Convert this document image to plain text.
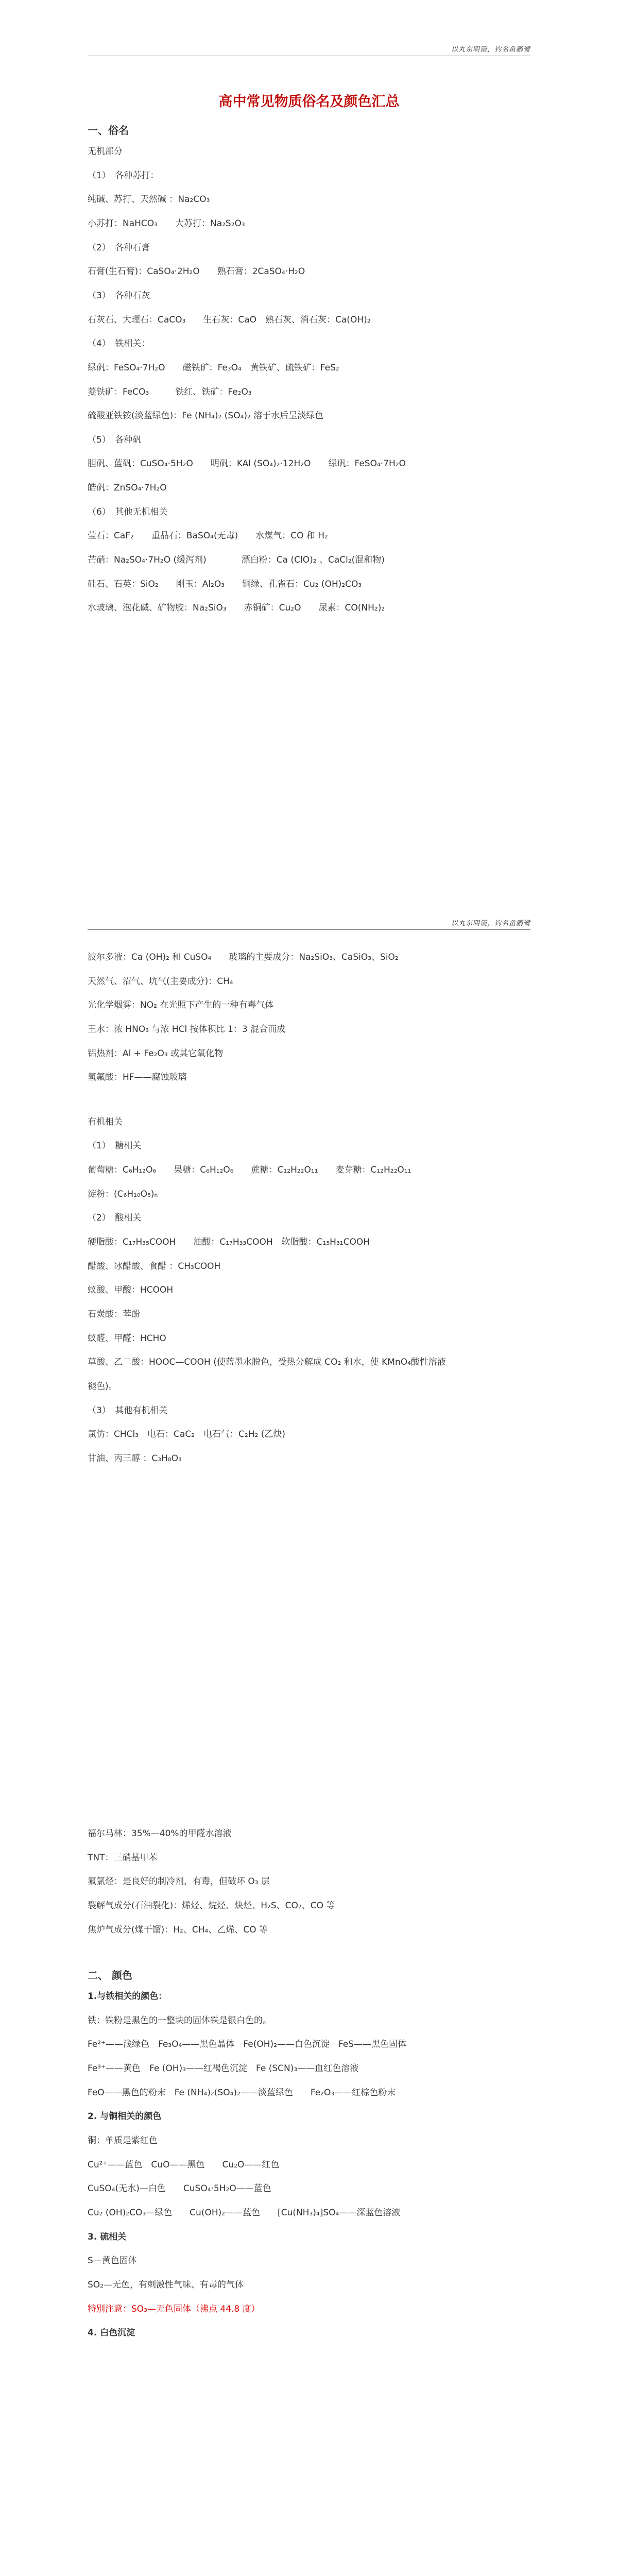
以丸东明镜，钓名鱼鹏鹭

高中常见物质俗名及颜色汇总

一、俗名

无机部分

（1）　各种苏打：

纯碱、苏打、天然碱 ：Na₂CO₃

小苏打：NaHCO₃　　大苏打：Na₂S₂O₃

（2）　各种石膏

石膏(生石膏)：CaSO₄·2H₂O　　熟石膏：2CaSO₄·H₂O

（3）　各种石灰

石灰石、大理石：CaCO₃　　生石灰：CaO　熟石灰、消石灰：Ca(OH)₂

（4）　铁相关：

绿矾：FeSO₄·7H₂O　　磁铁矿：Fe₃O₄　黄铁矿、硫铁矿：FeS₂

菱铁矿：FeCO₃　　　铁红、铁矿：Fe₂O₃

硫酸亚铁铵(淡蓝绿色)：Fe (NH₄)₂ (SO₄)₂ 溶于水后呈淡绿色

（5）　各种矾

胆矾、蓝矾：CuSO₄·5H₂O　　明矾：KAl (SO₄)₂·12H₂O　　绿矾：FeSO₄·7H₂O

皓矾：ZnSO₄·7H₂O

（6）　其他无机相关

莹石：CaF₂　　重晶石：BaSO₄(无毒)　　水煤气：CO 和 H₂

芒硝：Na₂SO₄·7H₂O (缓泻剂)　　　　漂白粉：Ca (ClO)₂ 、CaCl₂(混和物)

硅石、石英：SiO₂　　刚玉：Al₂O₃　　铜绿、孔雀石：Cu₂ (OH)₂CO₃

水玻璃、泡花碱、矿物胶：Na₂SiO₃　　赤铜矿：Cu₂O　　尿素：CO(NH₂)₂

以丸东明镜，钓名鱼鹏鹭

波尔多液：Ca (OH)₂ 和 CuSO₄　　玻璃的主要成分：Na₂SiO₃、CaSiO₃、SiO₂

天然气、沼气、坑气(主要成分)：CH₄

光化学烟雾：NO₂ 在光照下产生的一种有毒气体

王水：浓 HNO₃ 与浓 HCl 按体积比 1：3 混合而成

铝热剂：Al + Fe₂O₃ 或其它氧化物

氢氟酸：HF——腐蚀玻璃

有机相关

（1）　糖相关

葡萄糖：C₆H₁₂O₆　　果糖：C₆H₁₂O₆　　蔗糖：C₁₂H₂₂O₁₁　　麦芽糖：C₁₂H₂₂O₁₁

淀粉：(C₆H₁₀O₅)ₙ

（2）　酸相关

硬脂酸：C₁₇H₃₅COOH　　油酸：C₁₇H₃₃COOH　软脂酸：C₁₅H₃₁COOH

醋酸、冰醋酸、食醋 ：CH₃COOH

蚁酸、甲酸：HCOOH

石炭酸：苯酚

蚁醛、甲醛：HCHO

草酸、乙二酸：HOOC—COOH (使蓝墨水脱色，受热分解成 CO₂ 和水，使 KMnO₄酸性溶液

褪色)。

（3）　其他有机相关

氯仿：CHCl₃　电石：CaC₂　电石气：C₂H₂ (乙炔)

甘油、丙三醇 ：C₃H₈O₃

福尔马林：35%—40%的甲醛水溶液

TNT：三硝基甲苯

氟氯烃：是良好的制冷剂，有毒，但破坏 O₃ 层

裂解气成分(石油裂化)：烯烃、烷烃、炔烃、H₂S、CO₂、CO 等

焦炉气成分(煤干馏)：H₂、CH₄、乙烯、CO 等

二、 颜色

1.与铁相关的颜色：

铁：铁粉是黑色的一整块的固体铁是银白色的。

Fe²⁺——浅绿色　Fe₃O₄——黑色晶体　Fe(OH)₂——白色沉淀　FeS——黑色固体

Fe³⁺——黄色　Fe (OH)₃——红褐色沉淀　Fe (SCN)₃——血红色溶液

FeO——黑色的粉末　Fe (NH₄)₂(SO₄)₂——淡蓝绿色　　Fe₂O₃——红棕色粉末

2. 与铜相关的颜色

铜：单质是紫红色

Cu²⁺——蓝色　CuO——黑色　　Cu₂O——红色

CuSO₄(无水)—白色　　CuSO₄·5H₂O——蓝色

Cu₂ (OH)₂CO₃—绿色　　Cu(OH)₂——蓝色　　[Cu(NH₃)₄]SO₄——深蓝色溶液

3. 硫相关

S—黄色固体

SO₂—无色，有刺激性气味、有毒的气体

特别注意：SO₃—无色固体（沸点 44.8 度）

4. 白色沉淀
